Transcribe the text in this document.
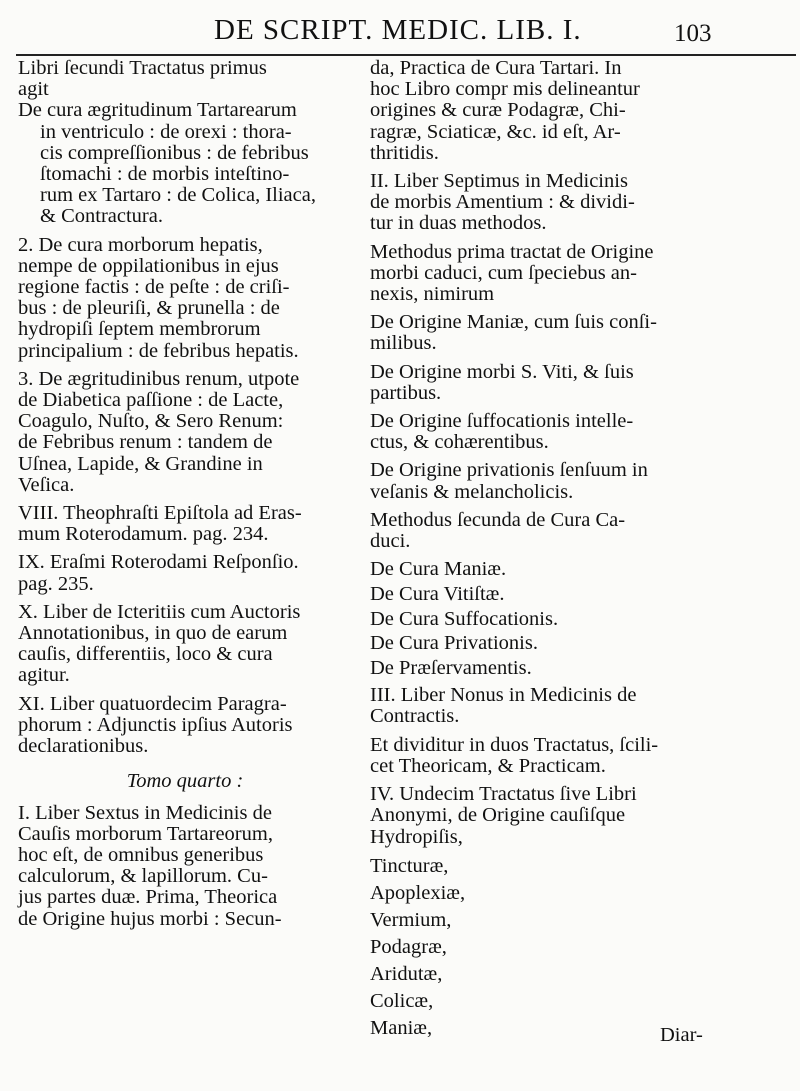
DE SCRIPT. MEDIC. LIB. I.	103
Libri ſecundi Tractatus primus
agit
De cura ægritudinum Tartarearum
in ventriculo : de orexi : thora-
cis compreſſionibus : de febribus
ſtomachi : de morbis inteſtino-
rum ex Tartaro : de Colica, Iliaca,
& Contractura.
2. De cura morborum hepatis,
nempe de oppilationibus in ejus
regione factis : de peſte : de criſi-
bus : de pleuriſi, & prunella : de
hydropiſi ſeptem membrorum
principalium : de febribus hepatis.
3. De ægritudinibus renum, utpote
de Diabetica paſſione : de Lacte,
Coagulo, Nuſto, & Sero Renum:
de Febribus renum : tandem de
Uſnea, Lapide, & Grandine in
Veſica.
VIII. Theophraſti Epiſtola ad Eras-
mum Roterodamum. pag. 234.
IX. Eraſmi Roterodami Reſponſio.
pag. 235.
X. Liber de Icteritiis cum Auctoris
Annotationibus, in quo de earum
cauſis, differentiis, loco & cura
agitur.
XI. Liber quatuordecim Paragra-
phorum : Adjunctis ipſius Autoris
declarationibus.
Tomo quarto :
I. Liber Sextus in Medicinis de
Cauſis morborum Tartareorum,
hoc eſt, de omnibus generibus
calculorum, & lapillorum. Cu-
jus partes duæ. Prima, Theorica
de Origine hujus morbi : Secun-
da, Practica de Cura Tartari. In
hoc Libro compr mis delineantur
origines & curæ Podagræ, Chi-
ragræ, Sciaticæ, &c. id eſt, Ar-
thritidis.
II. Liber Septimus in Medicinis
de morbis Amentium : & dividi-
tur in duas methodos.
Methodus prima tractat de Origine
morbi caduci, cum ſpeciebus an-
nexis, nimirum
De Origine Maniæ, cum ſuis conſi-
milibus.
De Origine morbi S. Viti, & ſuis
partibus.
De Origine ſuffocationis intelle-
ctus, & cohærentibus.
De Origine privationis ſenſuum in
veſanis & melancholicis.
Methodus ſecunda de Cura Ca-
duci.
De Cura Maniæ.
De Cura Vitiſtæ.
De Cura Suffocationis.
De Cura Privationis.
De Præſervamentis.
III. Liber Nonus in Medicinis de
Contractis.
Et dividitur in duos Tractatus, ſcili-
cet Theoricam, & Practicam.
IV. Undecim Tractatus ſive Libri
Anonymi, de Origine cauſiſque
Hydropiſis,
Tincturæ,
Apoplexiæ,
Vermium,
Podagræ,
Aridutæ,
Colicæ,
Maniæ,	Diar-
